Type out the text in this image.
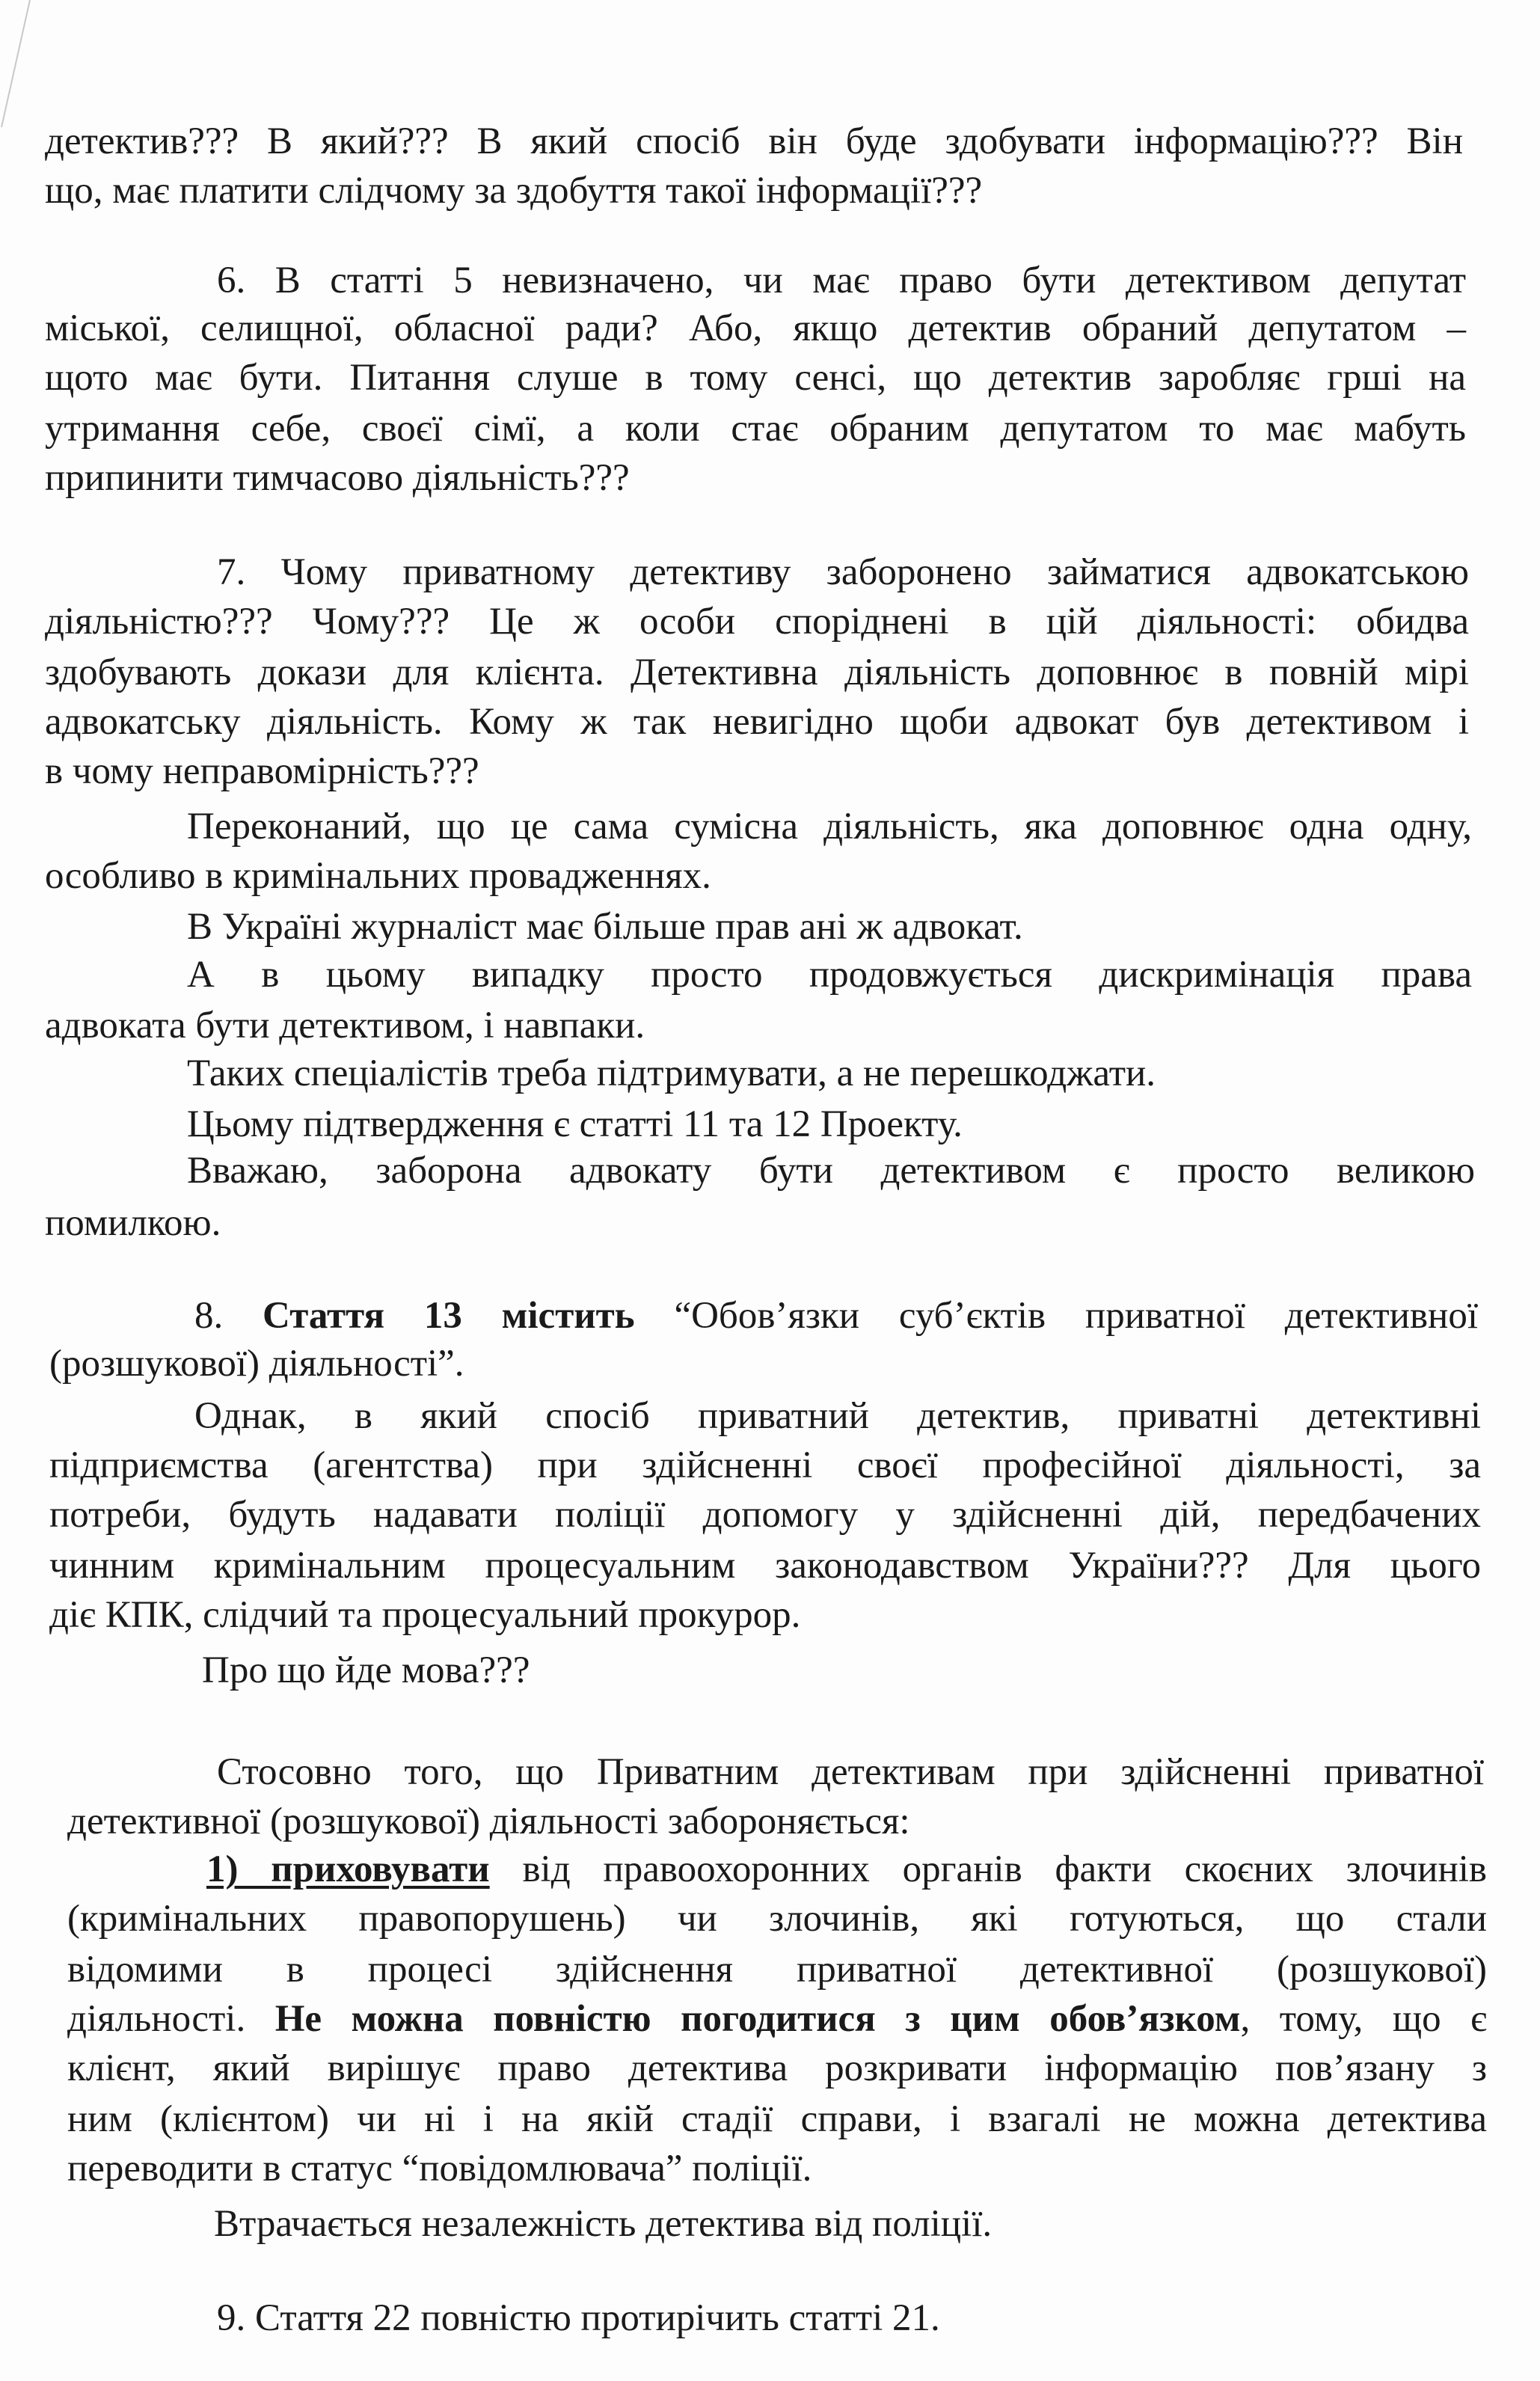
детектив??? В який??? В який спосіб він буде здобувати інформацію??? Він
що, має платити слідчому за здобуття такої інформації???
6. В статті 5 невизначено, чи має право бути детективом депутат
міської, селищної, обласної ради? Або, якщо детектив обраний депутатом –
щото має бути. Питання слуше в тому сенсі, що детектив заробляє грші на
утримання себе, своєї сімї, а коли стає обраним депутатом то має мабуть
припинити тимчасово діяльність???
7. Чому приватному детективу заборонено займатися адвокатською
діяльністю??? Чому??? Це ж особи споріднені в цій діяльності: обидва
здобувають докази для клієнта. Детективна діяльність доповнює в повній мірі
адвокатську діяльність. Кому ж так невигідно щоби адвокат був детективом і
в чому неправомірність???
Переконаний, що це сама сумісна діяльність, яка доповнює одна одну,
особливо в кримінальних провадженнях.
В Україні журналіст має більше прав ані ж адвокат.
А в цьому випадку просто продовжується дискримінація права
адвоката бути детективом, і навпаки.
Таких спеціалістів треба підтримувати, а не перешкоджати.
Цьому підтвердження є статті 11 та 12 Проекту.
Вважаю, заборона адвокату бути детективом є просто великою
помилкою.
8. Стаття 13 містить “Обов’язки суб’єктів приватної детективної
(розшукової) діяльності”.
Однак, в який спосіб приватний детектив, приватні детективні
підприємства (агентства) при здійсненні своєї професійної діяльності, за
потреби, будуть надавати поліції допомогу у здійсненні дій, передбачених
чинним кримінальним процесуальним законодавством України??? Для цього
діє КПК, слідчий та процесуальний прокурор.
Про що йде мова???
Стосовно того, що Приватним детективам при здійсненні приватної
детективної (розшукової) діяльності забороняється:
1) приховувати від правоохоронних органів факти скоєних злочинів
(кримінальних правопорушень) чи злочинів, які готуються, що стали
відомими в процесі здійснення приватної детективної (розшукової)
діяльності. Не можна повністю погодитися з цим обов’язком, тому, що є
клієнт, який вирішує право детектива розкривати інформацію пов’язану з
ним (клієнтом) чи ні і на якій стадії справи, і взагалі не можна детектива
переводити в статус “повідомлювача” поліції.
Втрачається незалежність детектива від поліції.
9. Стаття 22 повністю протирічить статті 21.
